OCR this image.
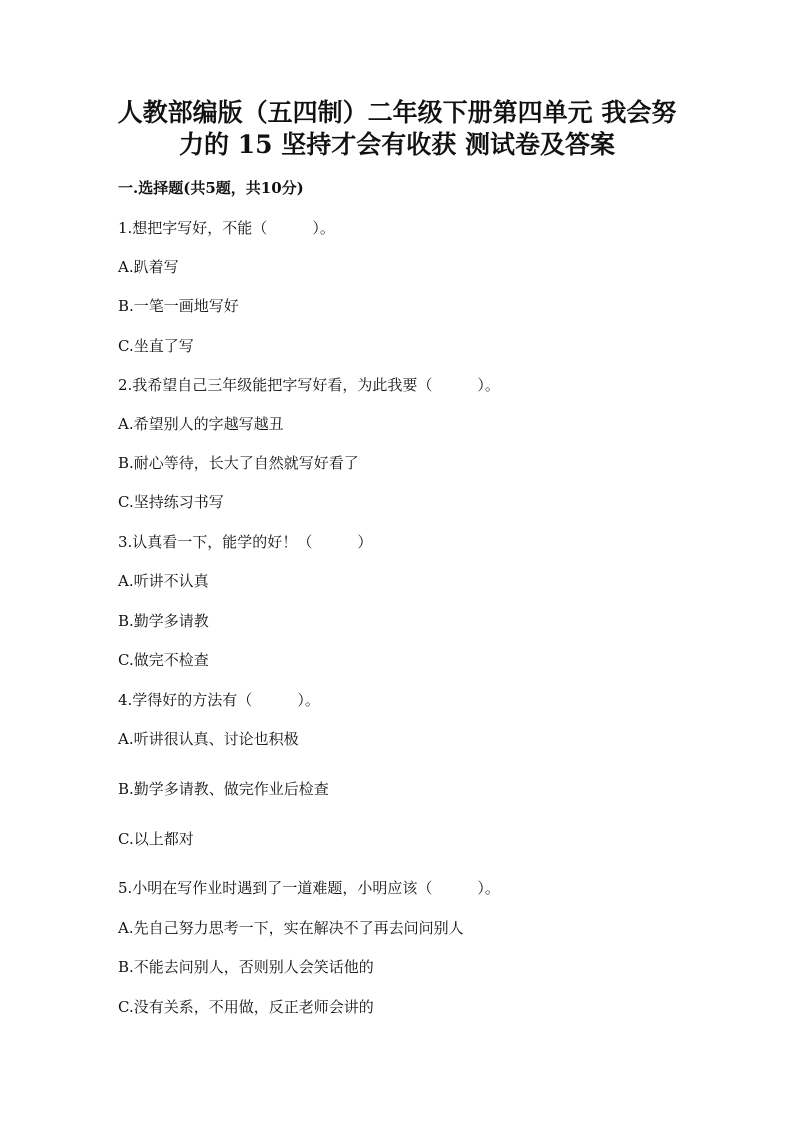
人教部编版（五四制）二年级下册第四单元 我会努
力的 15 坚持才会有收获 测试卷及答案
一.选择题(共5题，共10分)
1.想把字写好，不能（　　　）。
A.趴着写
B.一笔一画地写好
C.坐直了写
2.我希望自己三年级能把字写好看，为此我要（　　　）。
A.希望别人的字越写越丑
B.耐心等待，长大了自然就写好看了
C.坚持练习书写
3.认真看一下，能学的好！（　　　）
A.听讲不认真
B.勤学多请教
C.做完不检查
4.学得好的方法有（　　　）。
A.听讲很认真、讨论也积极
B.勤学多请教、做完作业后检查
C.以上都对
5.小明在写作业时遇到了一道难题，小明应该（　　　）。
A.先自己努力思考一下，实在解决不了再去问问别人
B.不能去问别人，否则别人会笑话他的
C.没有关系，不用做，反正老师会讲的
